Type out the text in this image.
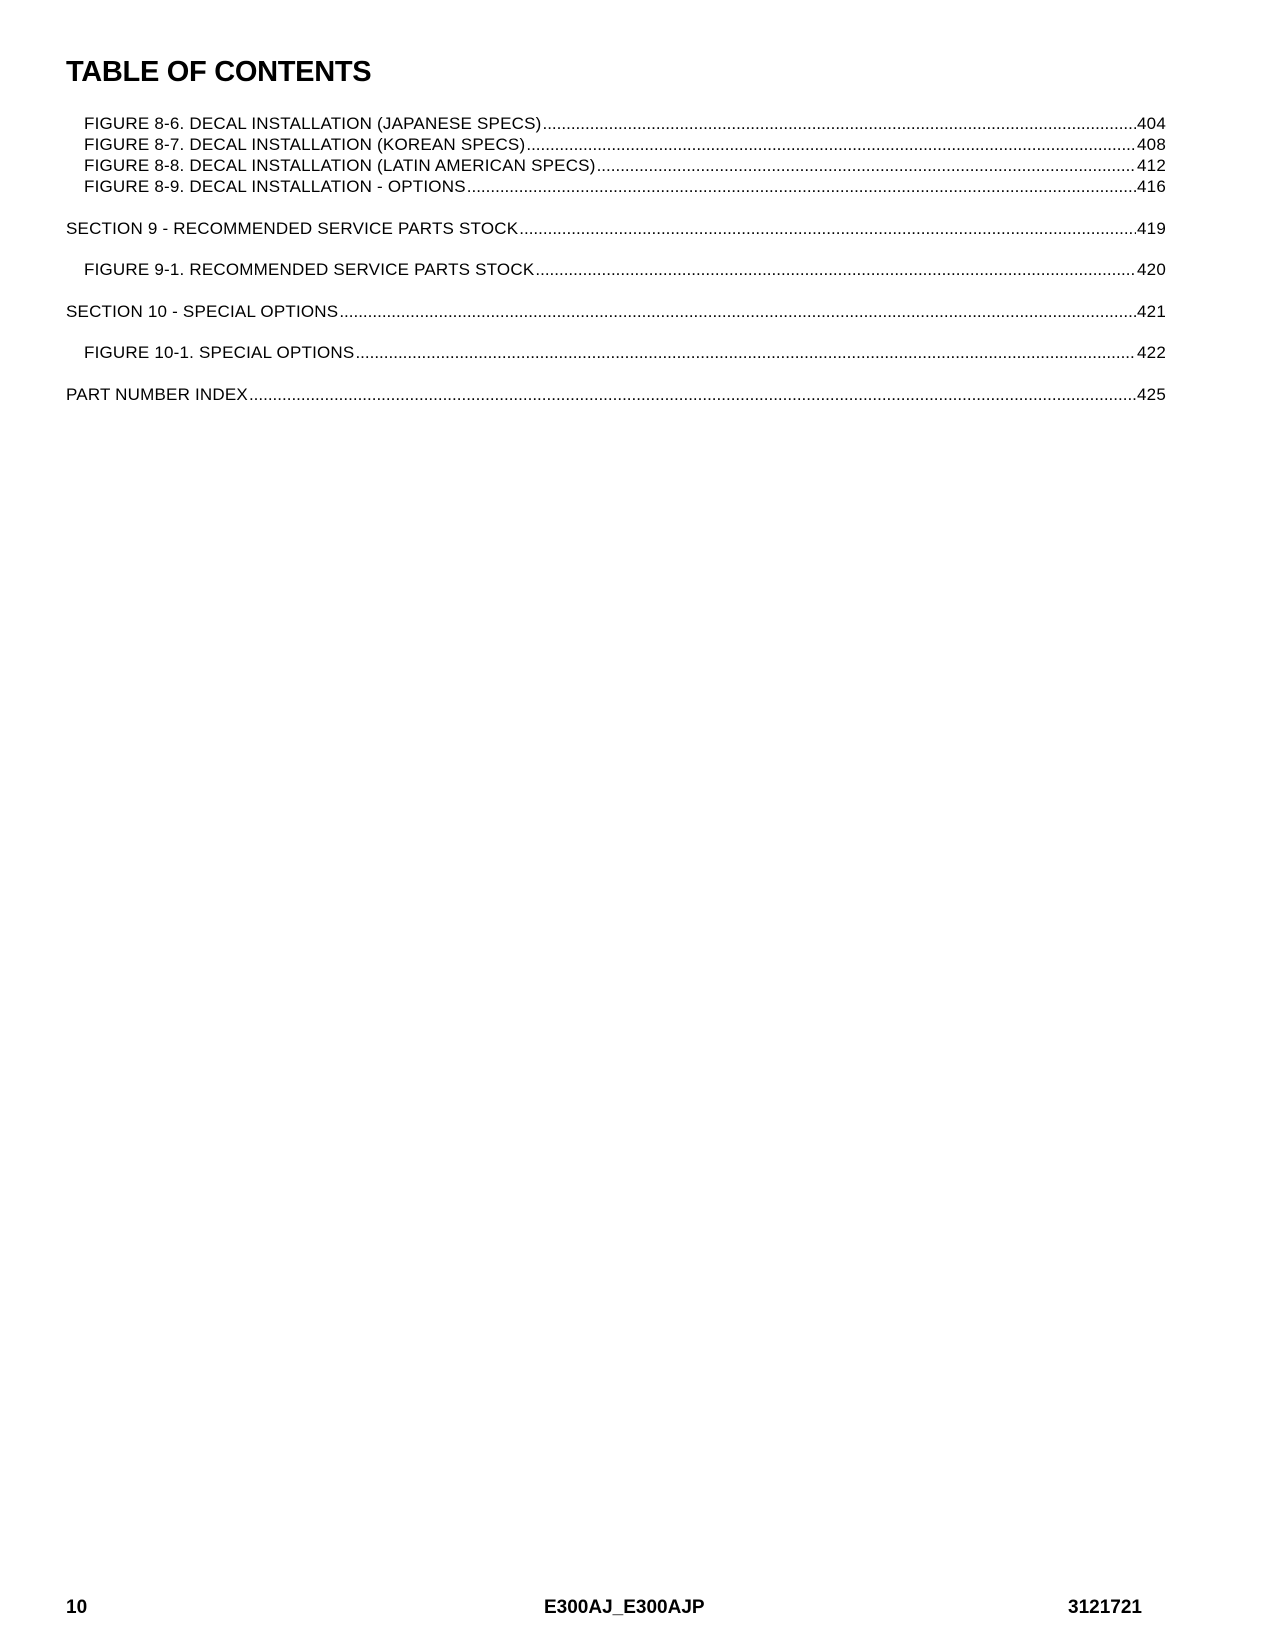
TABLE OF CONTENTS
FIGURE 8-6. DECAL INSTALLATION (JAPANESE SPECS) .....	404
FIGURE 8-7. DECAL INSTALLATION (KOREAN SPECS) .....	408
FIGURE 8-8. DECAL INSTALLATION (LATIN AMERICAN SPECS) .....	412
FIGURE 8-9. DECAL INSTALLATION - OPTIONS .....	416
SECTION 9 - RECOMMENDED SERVICE PARTS STOCK .....	419
FIGURE 9-1. RECOMMENDED SERVICE PARTS STOCK .....	420
SECTION 10 - SPECIAL OPTIONS .....	421
FIGURE 10-1. SPECIAL OPTIONS .....	422
PART NUMBER INDEX .....	425
10	E300AJ_E300AJP	3121721
